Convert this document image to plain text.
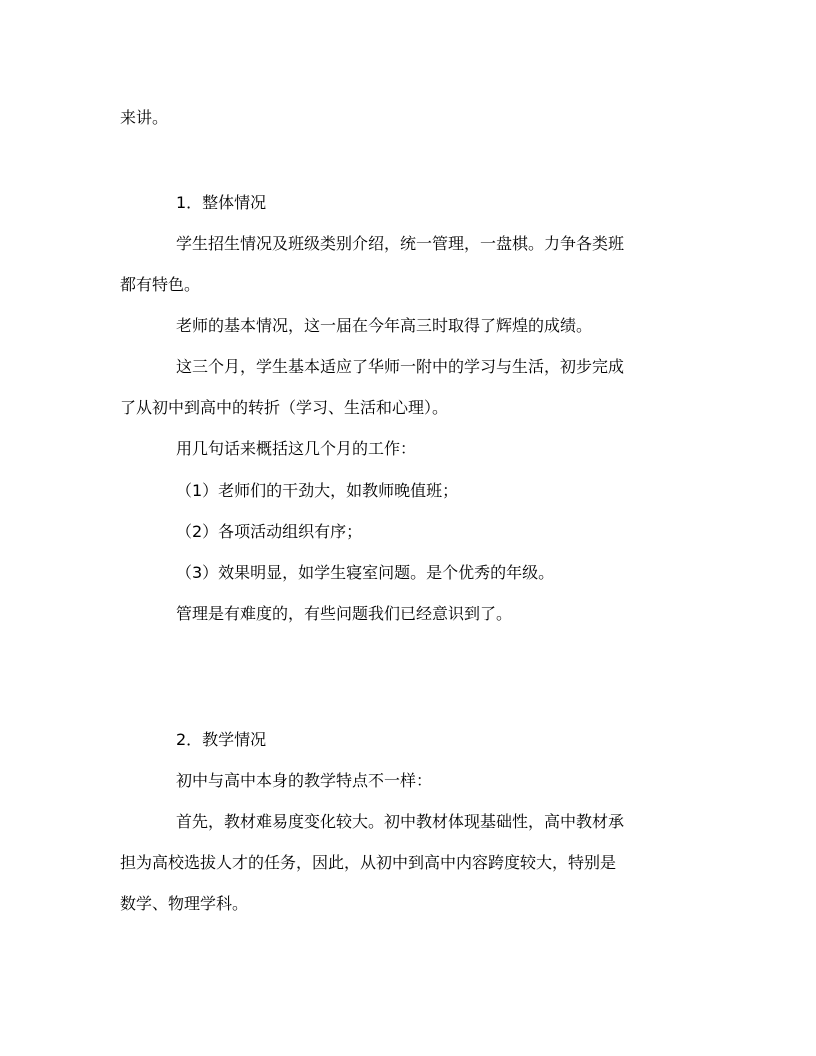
来讲。

1．整体情况

学生招生情况及班级类别介绍，统一管理，一盘棋。力争各类班

都有特色。

老师的基本情况，这一届在今年高三时取得了辉煌的成绩。

这三个月，学生基本适应了华师一附中的学习与生活，初步完成

了从初中到高中的转折（学习、生活和心理）。

用几句话来概括这几个月的工作：

（1）老师们的干劲大，如教师晚值班；

（2）各项活动组织有序；

（3）效果明显，如学生寝室问题。是个优秀的年级。

管理是有难度的，有些问题我们已经意识到了。

2．教学情况

初中与高中本身的教学特点不一样：

首先，教材难易度变化较大。初中教材体现基础性，高中教材承

担为高校选拔人才的任务，因此，从初中到高中内容跨度较大，特别是

数学、物理学科。
